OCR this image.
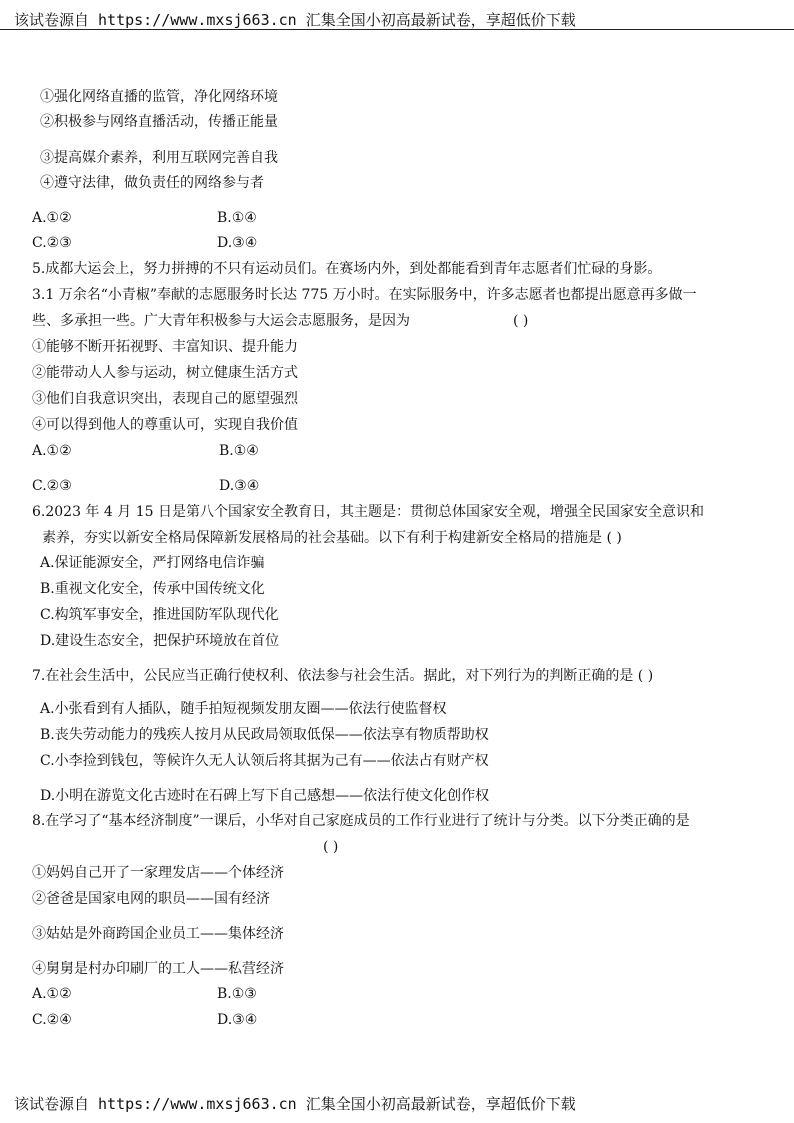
该试卷源自 https://www.mxsj663.cn 汇集全国小初高最新试卷，享超低价下载
①强化网络直播的监管，净化网络环境
②积极参与网络直播活动，传播正能量
③提高媒介素养，利用互联网完善自我
④遵守法律，做负责任的网络参与者
A.①②	B.①④
C.②③	D.③④
5.成都大运会上，努力拼搏的不只有运动员们。在赛场内外，到处都能看到青年志愿者们忙碌的身影。
3.1 万余名“小青椒”奉献的志愿服务时长达 775 万小时。在实际服务中，许多志愿者也都提出愿意再多做一
些、多承担一些。广大青年积极参与大运会志愿服务，是因为	( )
①能够不断开拓视野、丰富知识、提升能力
②能带动人人参与运动，树立健康生活方式
③他们自我意识突出，表现自己的愿望强烈
④可以得到他人的尊重认可，实现自我价值
A.①②	B.①④
C.②③	D.③④
6.2023 年 4 月 15 日是第八个国家安全教育日，其主题是：贯彻总体国家安全观，增强全民国家安全意识和
素养，夯实以新安全格局保障新发展格局的社会基础。以下有利于构建新安全格局的措施是 ( )
A.保证能源安全，严打网络电信诈骗
B.重视文化安全，传承中国传统文化
C.构筑军事安全，推进国防军队现代化
D.建设生态安全，把保护环境放在首位
7.在社会生活中，公民应当正确行使权利、依法参与社会生活。据此，对下列行为的判断正确的是 ( )
A.小张看到有人插队，随手拍短视频发朋友圈——依法行使监督权
B.丧失劳动能力的残疾人按月从民政局领取低保——依法享有物质帮助权
C.小李捡到钱包，等候许久无人认领后将其据为己有——依法占有财产权
D.小明在游览文化古迹时在石碑上写下自己感想——依法行使文化创作权
8.在学习了“基本经济制度”一课后，小华对自己家庭成员的工作行业进行了统计与分类。以下分类正确的是
( )
①妈妈自己开了一家理发店——个体经济
②爸爸是国家电网的职员——国有经济
③姑姑是外商跨国企业员工——集体经济
④舅舅是村办印刷厂的工人——私营经济
A.①②	B.①③
C.②④	D.③④
该试卷源自 https://www.mxsj663.cn 汇集全国小初高最新试卷，享超低价下载
